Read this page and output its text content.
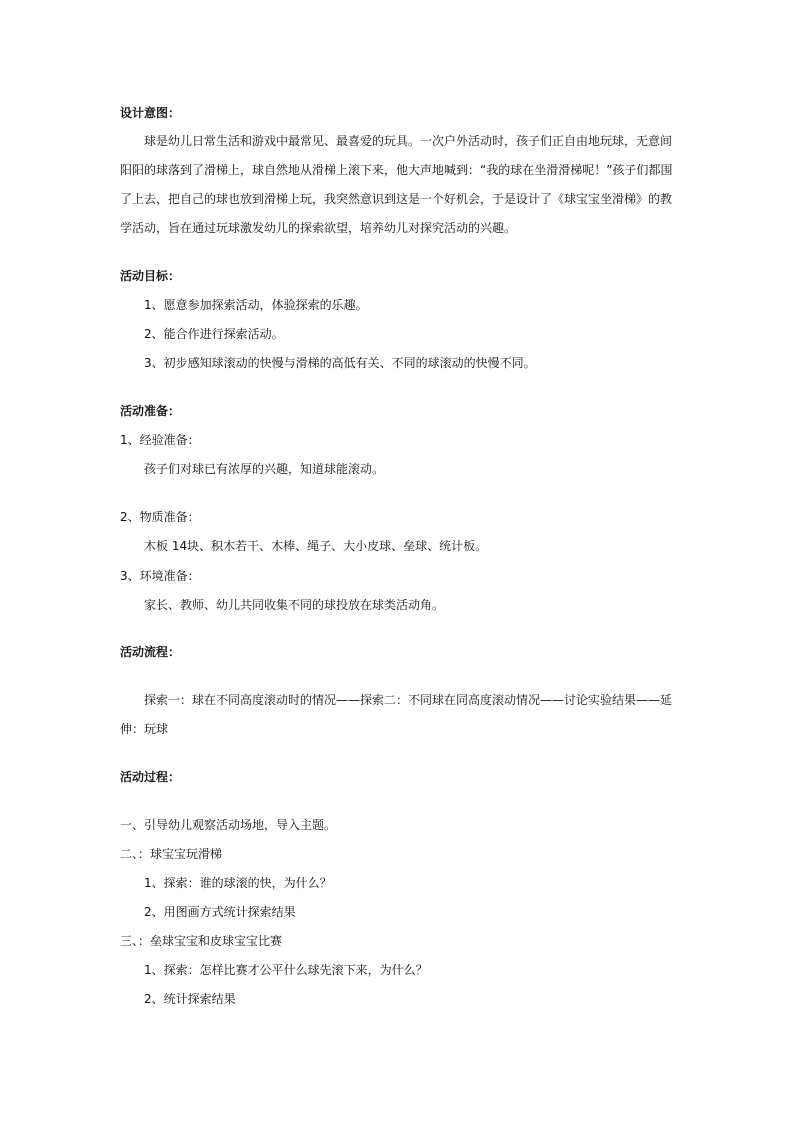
设计意图：
球是幼儿日常生活和游戏中最常见、最喜爱的玩具。一次户外活动时，孩子们正自由地玩球，无意间
阳阳的球落到了滑梯上，球自然地从滑梯上滚下来，他大声地喊到：“我的球在坐滑滑梯呢！”孩子们都围
了上去，把自己的球也放到滑梯上玩，我突然意识到这是一个好机会，于是设计了《球宝宝坐滑梯》的教
学活动，旨在通过玩球激发幼儿的探索欲望，培养幼儿对探究活动的兴趣。
活动目标：
1、愿意参加探索活动，体验探索的乐趣。
2、能合作进行探索活动。
3、初步感知球滚动的快慢与滑梯的高低有关、不同的球滚动的快慢不同。
活动准备：
1、经验准备：
孩子们对球已有浓厚的兴趣，知道球能滚动。
2、物质准备：
木板 14块、积木若干、木棒、绳子、大小皮球、垒球、统计板。
3、环境准备：
家长、教师、幼儿共同收集不同的球投放在球类活动角。
活动流程：
探索一：球在不同高度滚动时的情况——探索二：不同球在同高度滚动情况——讨论实验结果——延
伸：玩球
活动过程：
一、引导幼儿观察活动场地，导入主题。
二、：球宝宝玩滑梯
1、探索：谁的球滚的快，为什么？
2、用图画方式统计探索结果
三、：垒球宝宝和皮球宝宝比赛
1、探索：怎样比赛才公平什么球先滚下来，为什么？
2、统计探索结果
